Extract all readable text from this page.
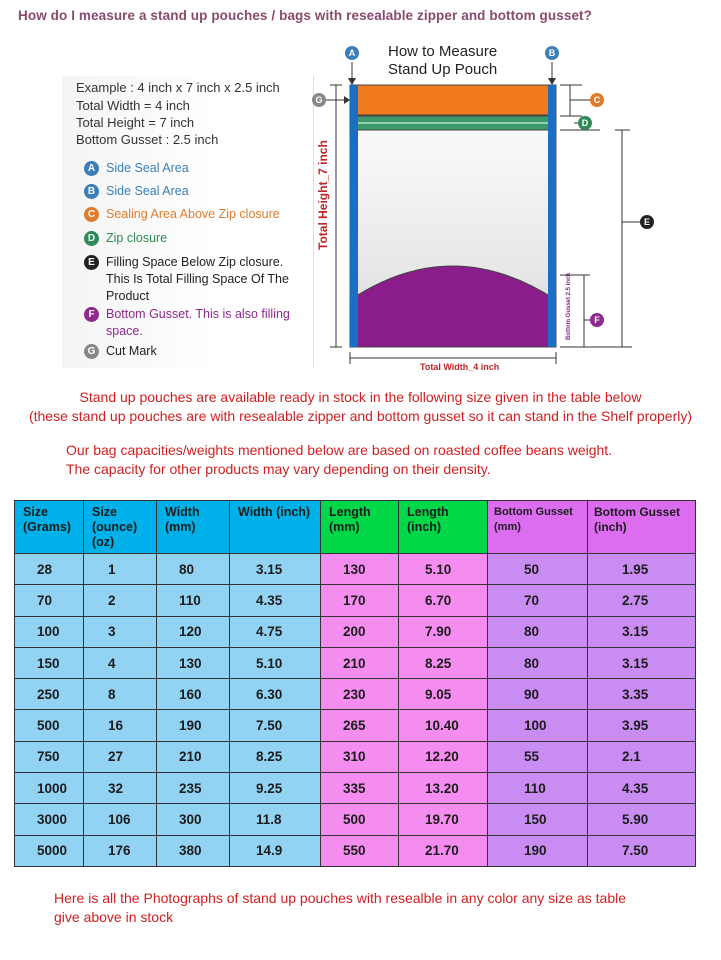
How do I measure a stand up pouches / bags with resealable zipper and bottom gusset?
Example : 4 inch x 7 inch x 2.5 inch
Total Width = 4 inch
Total Height = 7 inch
Bottom Gusset : 2.5 inch
A Side Seal Area
B Side Seal Area
C Sealing Area Above Zip closure
D Zip closure
E Filling Space Below Zip closure. This Is Total Filling Space Of The Product
F Bottom Gusset. This is also filling space.
G Cut Mark
How to Measure
Stand Up Pouch
Total Height_7 inch
Total Width_4 inch
Bottom Gusset 2.5 inch
A	B
C
D
E
F
G
Stand up pouches are available ready in stock in the following size given in the table below
(these stand up pouches are with resealable zipper and bottom gusset so it can stand in the Shelf properly)
Our bag capacities/weights mentioned below are based on roasted coffee beans weight.
The capacity for other products may vary depending on their density.
Size (Grams)	Size (ounce) (oz)	Width (mm)	Width (inch)	Length (mm)	Length (inch)	Bottom Gusset (mm)	Bottom Gusset (inch)
28	1	80	3.15	130	5.10	50	1.95
70	2	110	4.35	170	6.70	70	2.75
100	3	120	4.75	200	7.90	80	3.15
150	4	130	5.10	210	8.25	80	3.15
250	8	160	6.30	230	9.05	90	3.35
500	16	190	7.50	265	10.40	100	3.95
750	27	210	8.25	310	12.20	55	2.1
1000	32	235	9.25	335	13.20	110	4.35
3000	106	300	11.8	500	19.70	150	5.90
5000	176	380	14.9	550	21.70	190	7.50
Here is all the Photographs of stand up pouches with resealble in any color any size as table
give above in stock
